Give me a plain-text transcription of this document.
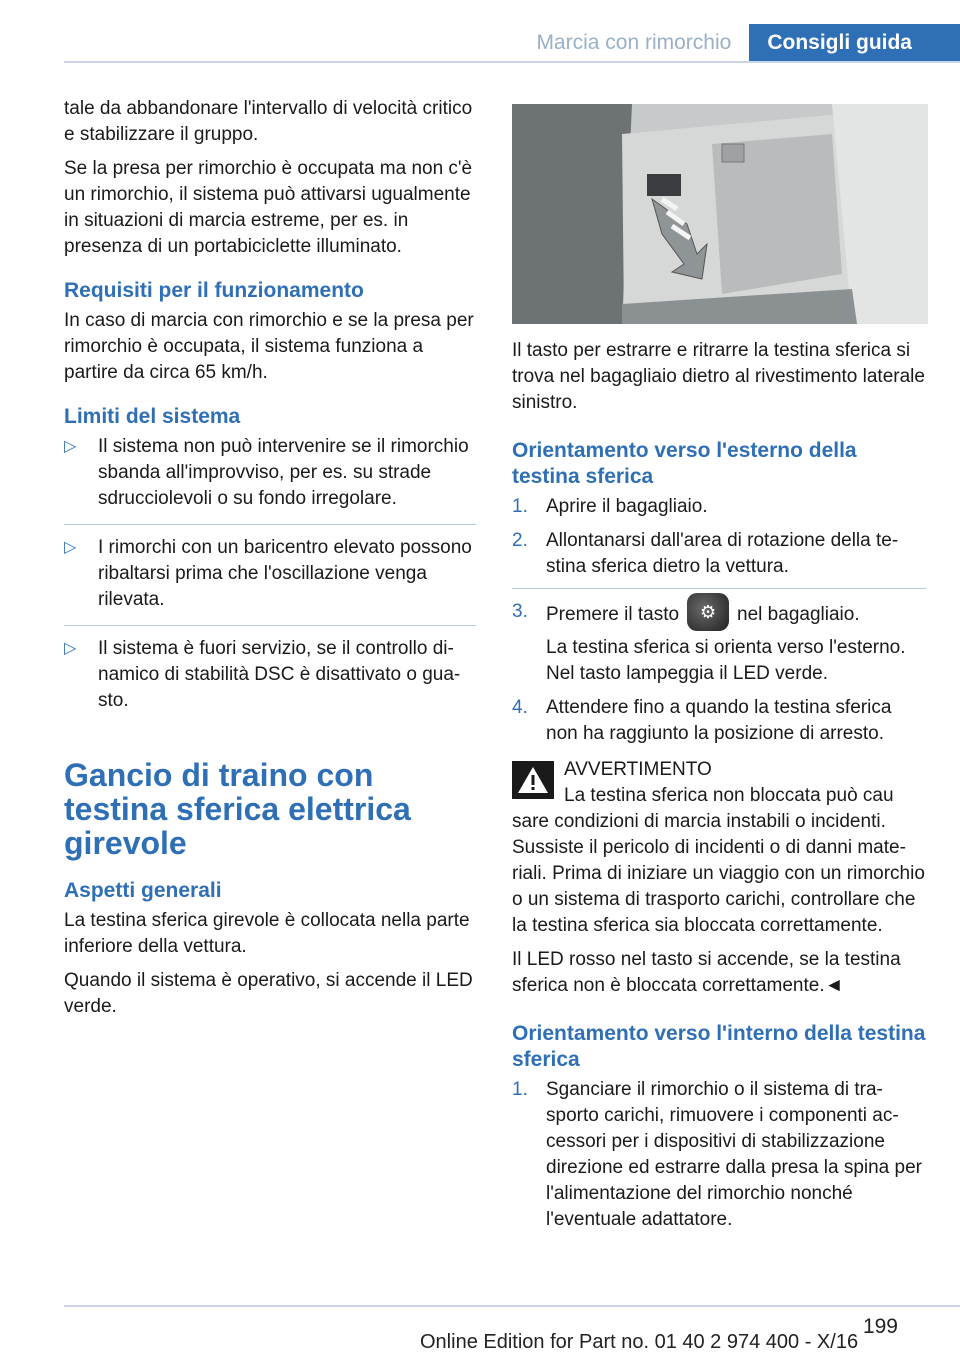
Marcia con rimorchio	Consigli guida

tale da abbandonare l'intervallo di velocità critico e stabilizzare il gruppo.

Se la presa per rimorchio è occupata ma non c'è un rimorchio, il sistema può attivarsi ugualmente in situazioni di marcia estreme, per es. in presenza di un portabiciclette illuminato.

Requisiti per il funzionamento

In caso di marcia con rimorchio e se la presa per rimorchio è occupata, il sistema funziona a partire da circa 65 km/h.

Limiti del sistema
▷ Il sistema non può intervenire se il rimorchio sbanda all'improvviso, per es. su strade sdrucciolevoli o su fondo irregolare.
▷ I rimorchi con un baricentro elevato possono ribaltarsi prima che l'oscillazione venga rilevata.
▷ Il sistema è fuori servizio, se il controllo dinamico di stabilità DSC è disattivato o guasto.
Gancio di traino con testina sferica elettrica girevole
Aspetti generali

La testina sferica girevole è collocata nella parte inferiore della vettura.

Quando il sistema è operativo, si accende il LED verde.

Il tasto per estrarre e ritrarre la testina sferica si trova nel bagagliaio dietro al rivestimento laterale sinistro.

Orientamento verso l'esterno della testina sferica
1. Aprire il bagagliaio.
2. Allontanarsi dall'area di rotazione della testina sferica dietro la vettura.
3. Premere il tasto ⚙ nel bagagliaio.

La testina sferica si orienta verso l'esterno. Nel tasto lampeggia il LED verde.

4. Attendere fino a quando la testina sferica non ha raggiunto la posizione di arresto.

AVVERTIMENTO

La testina sferica non bloccata può cau

sare condizioni di marcia instabili o incidenti. Sussiste il pericolo di incidenti o di danni materiali. Prima di iniziare un viaggio con un rimorchio o un sistema di trasporto carichi, controllare che la testina sferica sia bloccata correttamente.

Il LED rosso nel tasto si accende, se la testina sferica non è bloccata correttamente.◄

Orientamento verso l'interno della testina sferica
1. Sganciare il rimorchio o il sistema di trasporto carichi, rimuovere i componenti accessori per i dispositivi di stabilizzazione direzione ed estrarre dalla presa la spina per l'alimentazione del rimorchio nonché l'eventuale adattatore.
199
Online Edition for Part no. 01 40 2 974 400 - X/16
